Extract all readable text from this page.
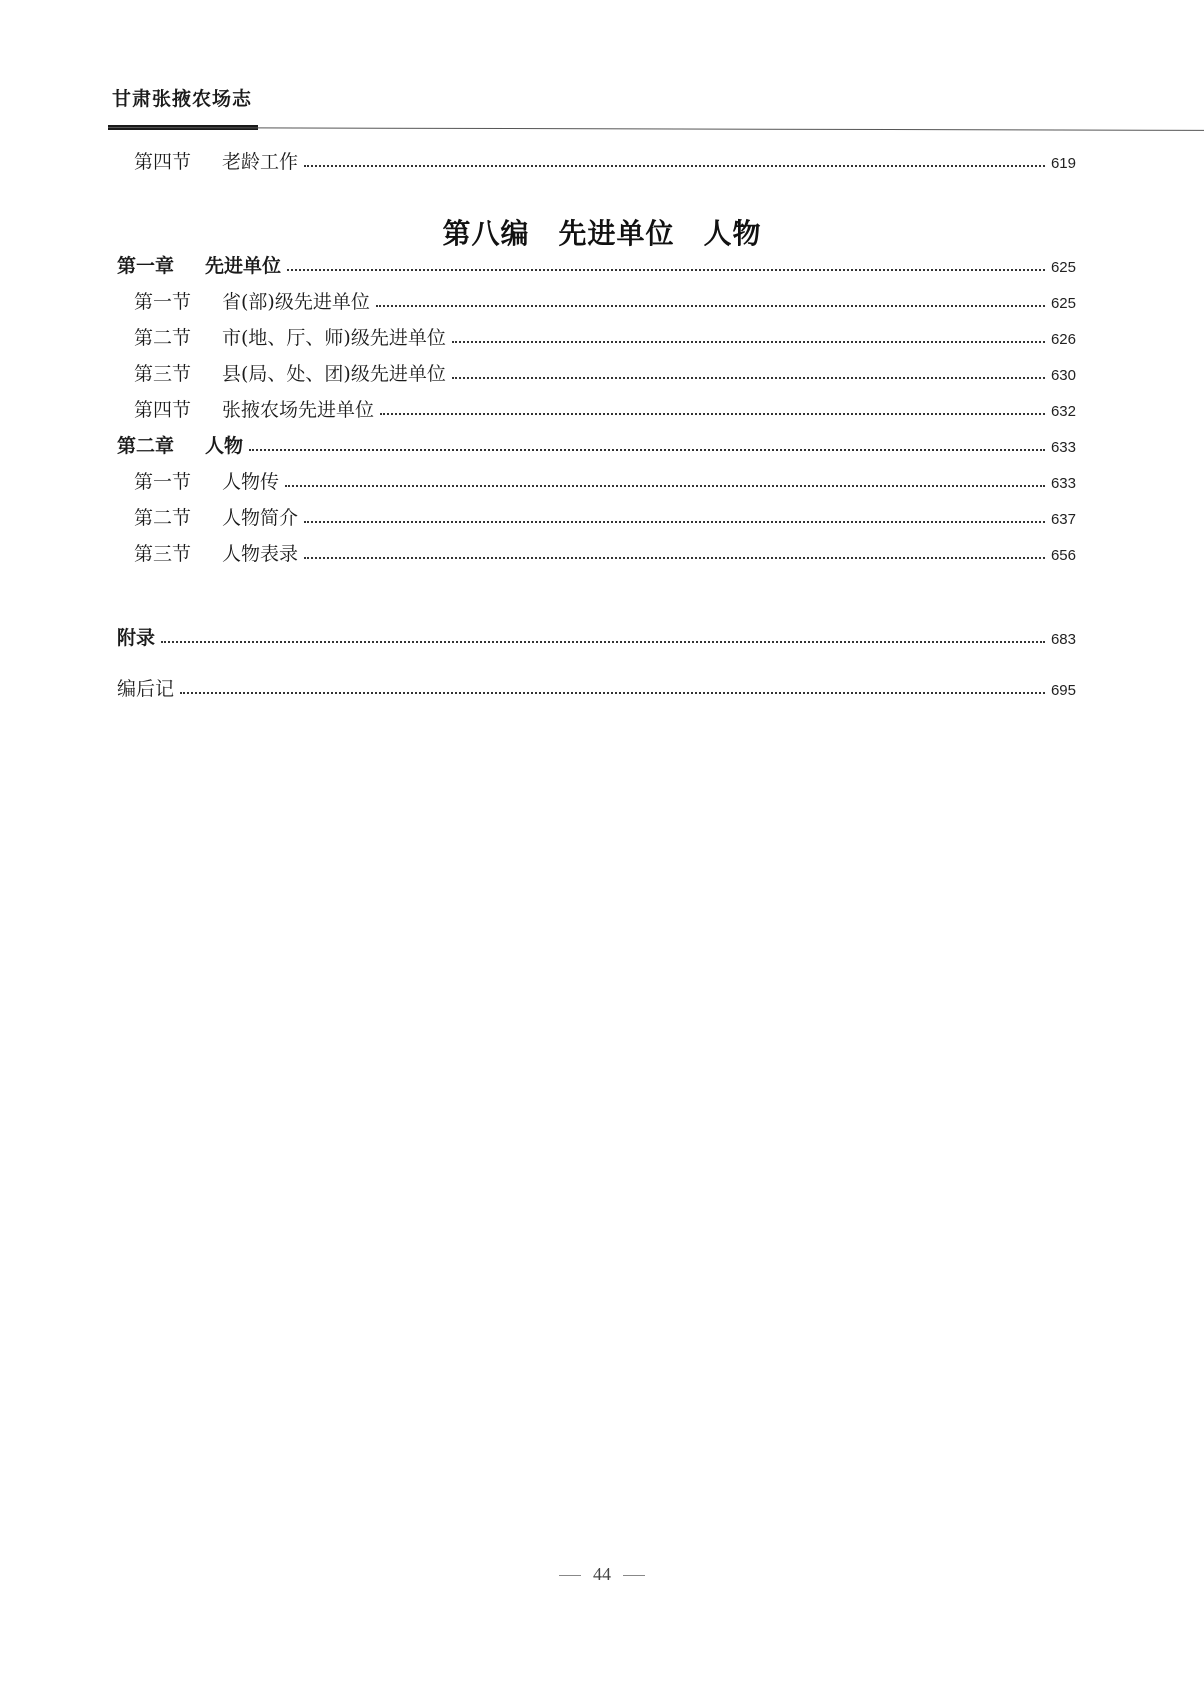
甘肃张掖农场志
第四节	老龄工作	619
第八编　先进单位　人物
第一章	先进单位	625
第一节	省(部)级先进单位	625
第二节	市(地、厅、师)级先进单位	626
第三节	县(局、处、团)级先进单位	630
第四节	张掖农场先进单位	632
第二章	人物	633
第一节	人物传	633
第二节	人物简介	637
第三节	人物表录	656
附录	683
编后记	695
44
